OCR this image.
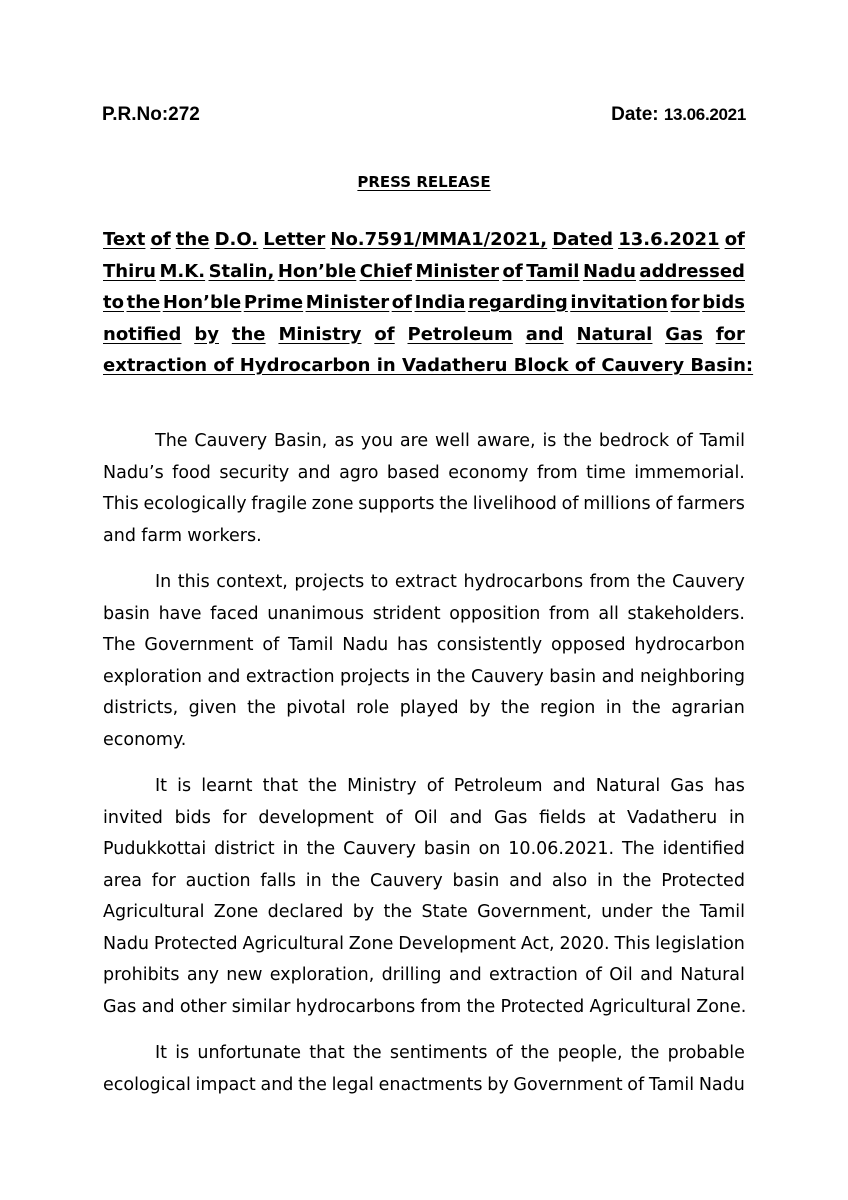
P.R.No:272	Date: 13.06.2021
PRESS RELEASE
Text of the D.O. Letter No.7591/MMA1/2021, Dated 13.6.2021 of
Thiru M.K. Stalin, Hon’ble Chief Minister of Tamil Nadu addressed
to the Hon’ble Prime Minister of India regarding invitation for bids
notified by the Ministry of Petroleum and Natural Gas for
extraction of Hydrocarbon in Vadatheru Block of Cauvery Basin:
The Cauvery Basin, as you are well aware, is the bedrock of Tamil
Nadu’s food security and agro based economy from time immemorial.
This ecologically fragile zone supports the livelihood of millions of farmers
and farm workers.
In this context, projects to extract hydrocarbons from the Cauvery
basin have faced unanimous strident opposition from all stakeholders.
The Government of Tamil Nadu has consistently opposed hydrocarbon
exploration and extraction projects in the Cauvery basin and neighboring
districts, given the pivotal role played by the region in the agrarian
economy.
It is learnt that the Ministry of Petroleum and Natural Gas has
invited bids for development of Oil and Gas fields at Vadatheru in
Pudukkottai district in the Cauvery basin on 10.06.2021. The identified
area for auction falls in the Cauvery basin and also in the Protected
Agricultural Zone declared by the State Government, under the Tamil
Nadu Protected Agricultural Zone Development Act, 2020. This legislation
prohibits any new exploration, drilling and extraction of Oil and Natural
Gas and other similar hydrocarbons from the Protected Agricultural Zone.
It is unfortunate that the sentiments of the people, the probable
ecological impact and the legal enactments by Government of Tamil Nadu
